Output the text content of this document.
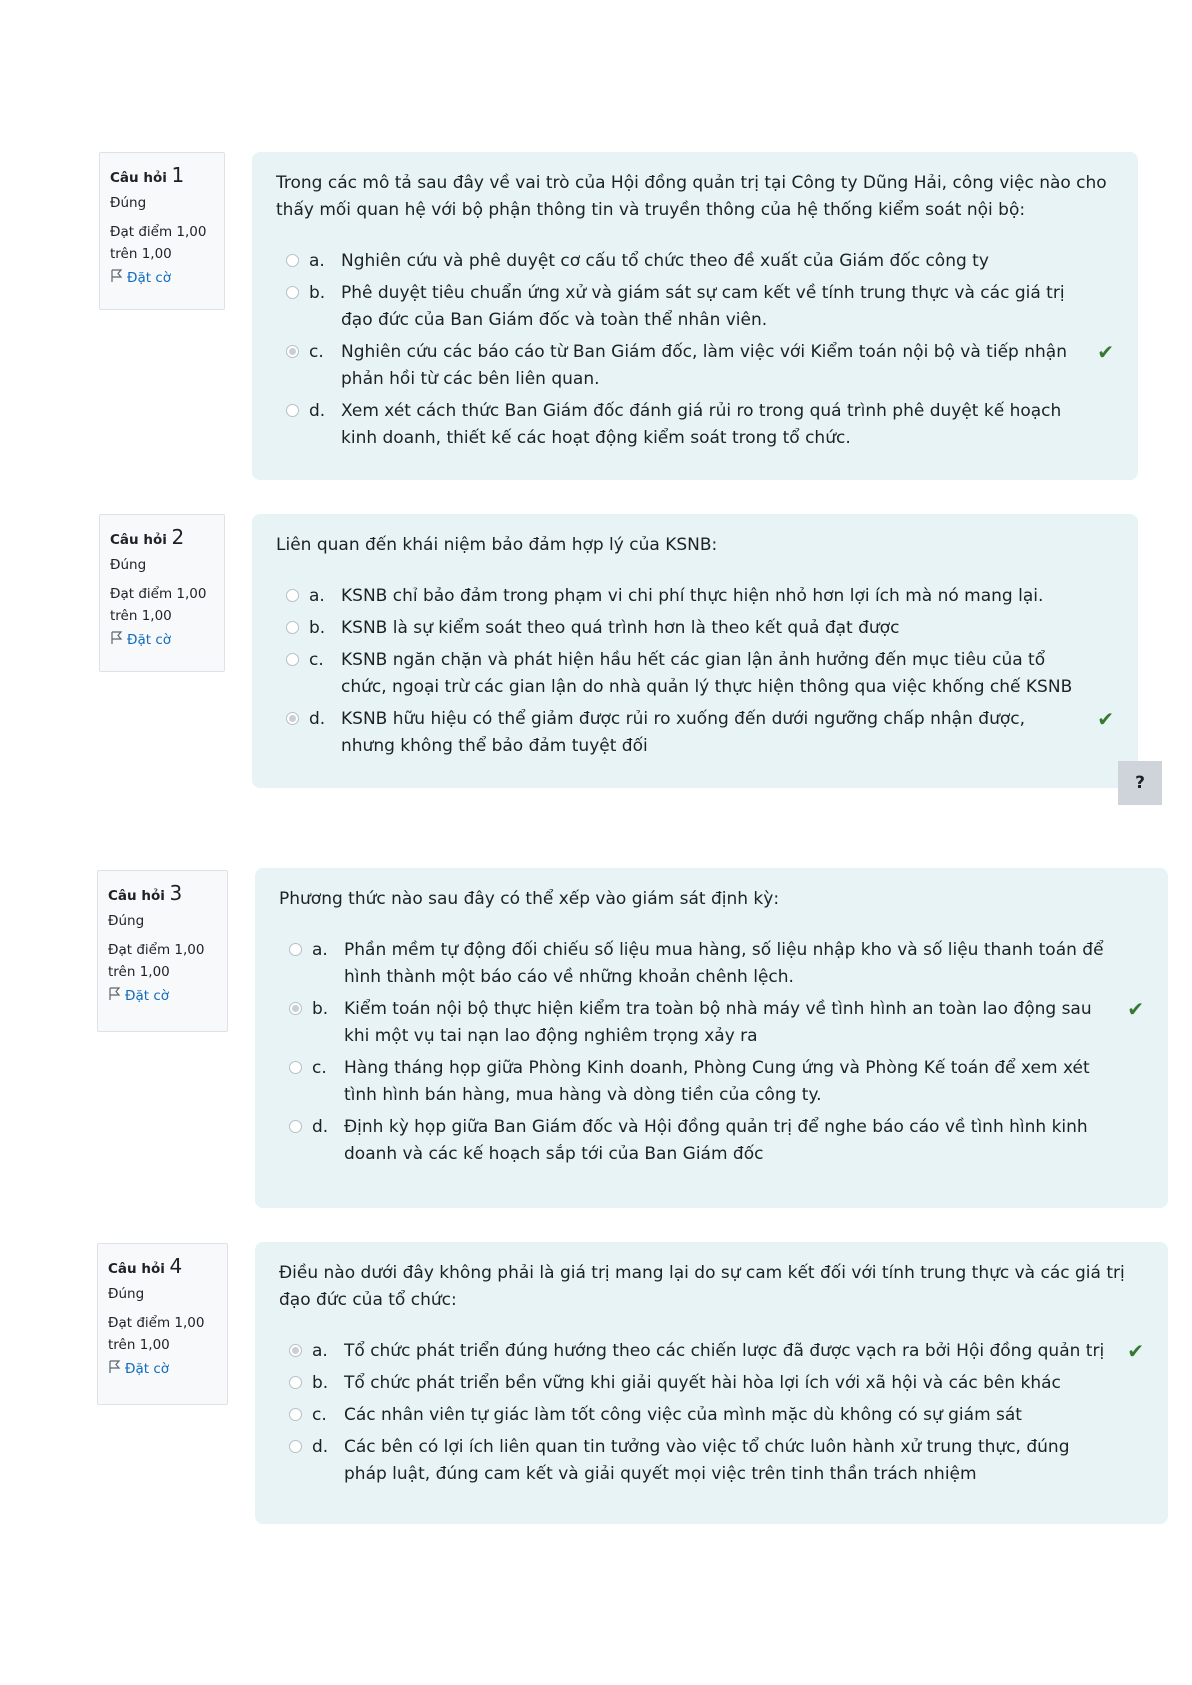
Câu hỏi 1
Đúng
Đạt điểm 1,00 trên 1,00
Đặt cờ
Trong các mô tả sau đây về vai trò của Hội đồng quản trị tại Công ty Dũng Hải, công việc nào cho thấy mối quan hệ với bộ phận thông tin và truyền thông của hệ thống kiểm soát nội bộ:
a. Nghiên cứu và phê duyệt cơ cấu tổ chức theo đề xuất của Giám đốc công ty
b. Phê duyệt tiêu chuẩn ứng xử và giám sát sự cam kết về tính trung thực và các giá trị đạo đức của Ban Giám đốc và toàn thể nhân viên.
c.	Nghiên cứu các báo cáo từ Ban Giám đốc, làm việc với Kiểm toán nội bộ và tiếp nhận phản hồi từ các bên liên quan.
✔
d. Xem xét cách thức Ban Giám đốc đánh giá rủi ro trong quá trình phê duyệt kế hoạch kinh doanh, thiết kế các hoạt động kiểm soát trong tổ chức.
Câu hỏi 2
Đúng
Đạt điểm 1,00 trên 1,00
Đặt cờ
Liên quan đến khái niệm bảo đảm hợp lý của KSNB:
a. KSNB chỉ bảo đảm trong phạm vi chi phí thực hiện nhỏ hơn lợi ích mà nó mang lại.
b. KSNB là sự kiểm soát theo quá trình hơn là theo kết quả đạt được
c.	KSNB ngăn chặn và phát hiện hầu hết các gian lận ảnh hưởng đến mục tiêu của tổ chức, ngoại trừ các gian lận do nhà quản lý thực hiện thông qua việc khống chế KSNB
d. KSNB hữu hiệu có thể giảm được rủi ro xuống đến dưới ngưỡng chấp nhận được, nhưng không thể bảo đảm tuyệt đối
✔
?
Câu hỏi 3
Đúng
Đạt điểm 1,00 trên 1,00
Đặt cờ
Phương thức nào sau đây có thể xếp vào giám sát định kỳ:
a. Phần mềm tự động đối chiếu số liệu mua hàng, số liệu nhập kho và số liệu thanh toán để hình thành một báo cáo về những khoản chênh lệch.
b. Kiểm toán nội bộ thực hiện kiểm tra toàn bộ nhà máy về tình hình an toàn lao động sau khi một vụ tai nạn lao động nghiêm trọng xảy ra
✔
c.	Hàng tháng họp giữa Phòng Kinh doanh, Phòng Cung ứng và Phòng Kế toán để xem xét tình hình bán hàng, mua hàng và dòng tiền của công ty.
d. Định kỳ họp giữa Ban Giám đốc và Hội đồng quản trị để nghe báo cáo về tình hình kinh doanh và các kế hoạch sắp tới của Ban Giám đốc
Câu hỏi 4
Đúng
Đạt điểm 1,00 trên 1,00
Đặt cờ
Điều nào dưới đây không phải là giá trị mang lại do sự cam kết đối với tính trung thực và các giá trị đạo đức của tổ chức:
a. Tổ chức phát triển đúng hướng theo các chiến lược đã được vạch ra bởi Hội đồng quản trị	✔
b. Tổ chức phát triển bền vững khi giải quyết hài hòa lợi ích với xã hội và các bên khác
c.	Các nhân viên tự giác làm tốt công việc của mình mặc dù không có sự giám sát
d. Các bên có lợi ích liên quan tin tưởng vào việc tổ chức luôn hành xử trung thực, đúng pháp luật, đúng cam kết và giải quyết mọi việc trên tinh thần trách nhiệm
